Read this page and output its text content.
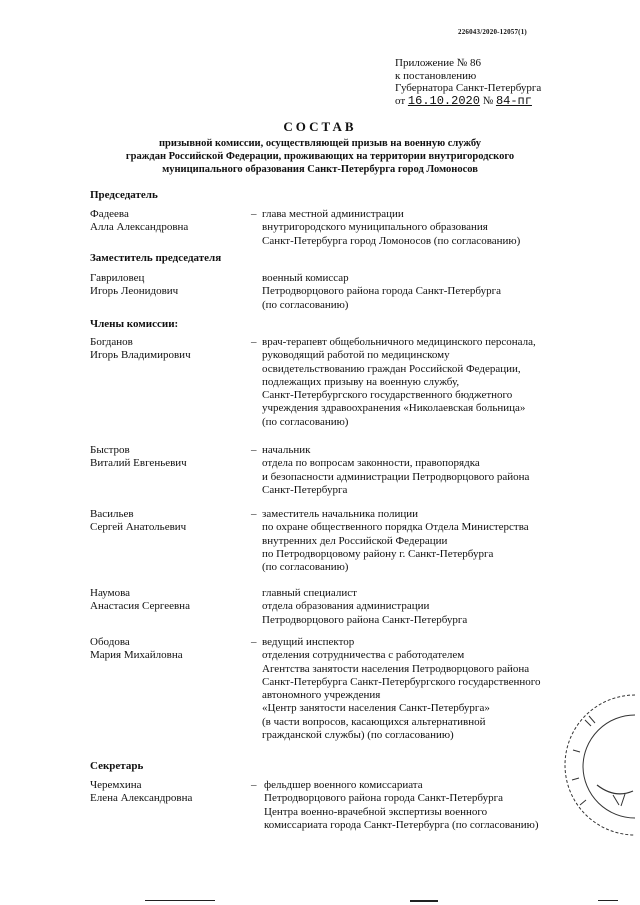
226043/2020-12057(1)
Приложение № 86
к постановлению
Губернатора Санкт-Петербурга
от 16.10.2020 № 84-пг
СОСТАВ
призывной комиссии, осуществляющей призыв на военную службу
граждан Российской Федерации, проживающих на территории внутригородского
муниципального образования Санкт-Петербурга город Ломоносов
Председатель
Фадеева
Алла Александровна
– глава местной администрации
внутригородского муниципального образования
Санкт-Петербурга город Ломоносов (по согласованию)
Заместитель председателя
Гавриловец
Игорь Леонидович
военный комиссар
Петродворцового района города Санкт-Петербурга
(по согласованию)
Члены комиссии:
Богданов
Игорь Владимирович
– врач-терапевт общебольничного медицинского персонала,
руководящий работой по медицинскому
освидетельствованию граждан Российской Федерации,
подлежащих призыву на военную службу,
Санкт-Петербургского государственного бюджетного
учреждения здравоохранения «Николаевская больница»
(по согласованию)
Быстров
Виталий Евгеньевич
– начальник
отдела по вопросам законности, правопорядка
и безопасности администрации Петродворцового района
Санкт-Петербурга
Васильев
Сергей Анатольевич
– заместитель начальника полиции
по охране общественного порядка Отдела Министерства
внутренних дел Российской Федерации
по Петродворцовому району г. Санкт-Петербурга
(по согласованию)
Наумова
Анастасия Сергеевна
главный специалист
отдела образования администрации
Петродворцового района Санкт-Петербурга
Ободова
Мария Михайловна
– ведущий инспектор
отделения сотрудничества с работодателем
Агентства занятости населения Петродворцового района
Санкт-Петербурга Санкт-Петербургского государственного
автономного учреждения
«Центр занятости населения Санкт-Петербурга»
(в части вопросов, касающихся альтернативной
гражданской службы) (по согласованию)
Секретарь
Черемхина
Елена Александровна
– фельдшер военного комиссариата
Петродворцового района города Санкт-Петербурга
Центра военно-врачебной экспертизы военного
комиссариата города Санкт-Петербурга (по согласованию)
